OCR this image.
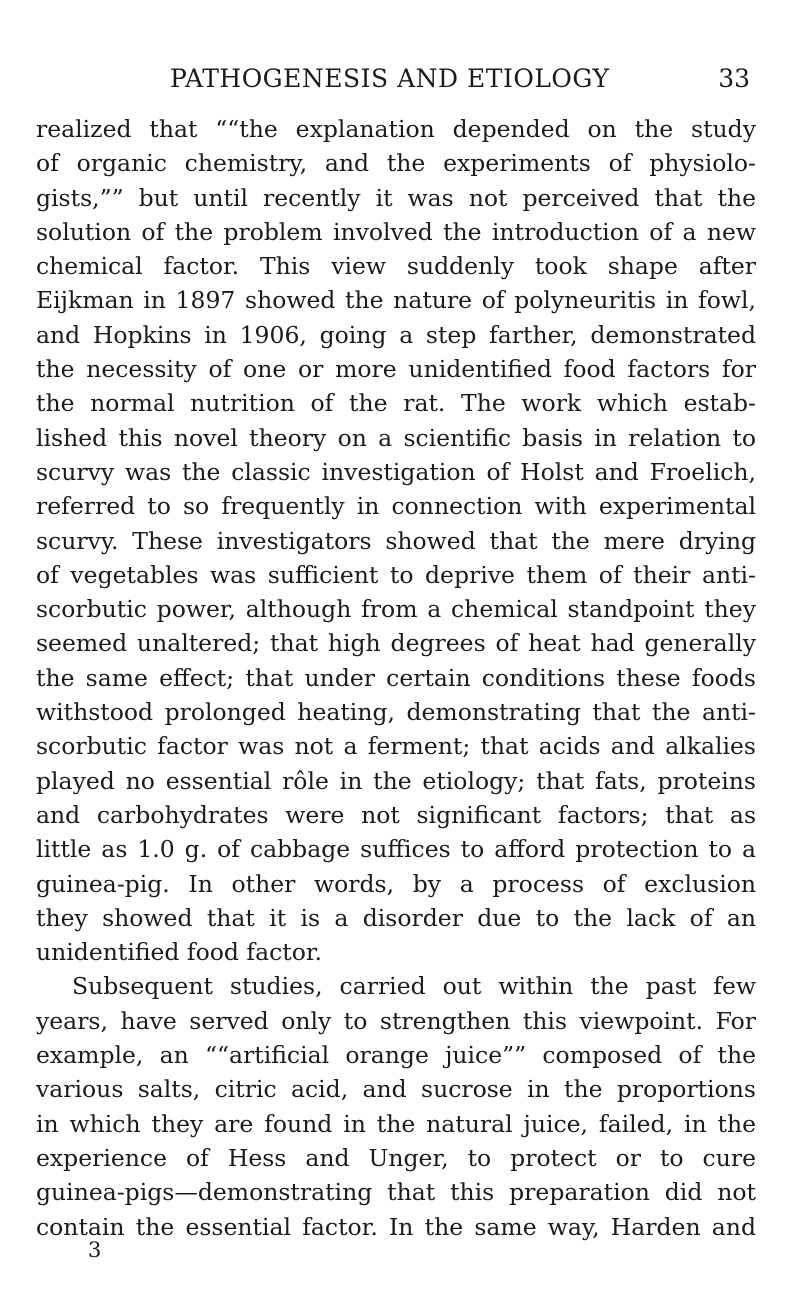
PATHOGENESIS AND ETIOLOGY	33
realized that ““the explanation depended on the study
of organic chemistry, and the experiments of physiolo-
gists,”” but until recently it was not perceived that the
solution of the problem involved the introduction of a new
chemical factor. This view suddenly took shape after
Eijkman in 1897 showed the nature of polyneuritis in fowl,
and Hopkins in 1906, going a step farther, demonstrated
the necessity of one or more unidentified food factors for
the normal nutrition of the rat. The work which estab-
lished this novel theory on a scientific basis in relation to
scurvy was the classic investigation of Holst and Froelich,
referred to so frequently in connection with experimental
scurvy. These investigators showed that the mere drying
of vegetables was sufficient to deprive them of their anti-
scorbutic power, although from a chemical standpoint they
seemed unaltered; that high degrees of heat had generally
the same effect; that under certain conditions these foods
withstood prolonged heating, demonstrating that the anti-
scorbutic factor was not a ferment; that acids and alkalies
played no essential rôle in the etiology; that fats, proteins
and carbohydrates were not significant factors; that as
little as 1.0 g. of cabbage suffices to afford protection to a
guinea-pig. In other words, by a process of exclusion
they showed that it is a disorder due to the lack of an
unidentified food factor.
Subsequent studies, carried out within the past few
years, have served only to strengthen this viewpoint. For
example, an ““artificial orange juice”” composed of the
various salts, citric acid, and sucrose in the proportions
in which they are found in the natural juice, failed, in the
experience of Hess and Unger, to protect or to cure
guinea-pigs—demonstrating that this preparation did not
contain the essential factor. In the same way, Harden and
3
